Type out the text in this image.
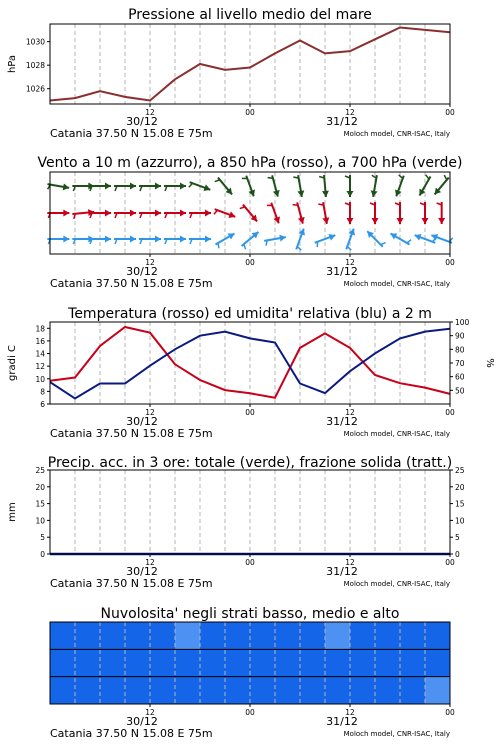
Pressione al livello medio del mare
12	00	12	00
30/12	31/12
Catania 37.50 N 15.08 E 75m	Moloch model, CNR-ISAC, Italy
1026
1028
1030
hPa
Vento a 10 m (azzurro), a 850 hPa (rosso), a 700 hPa (verde)
12	00	12	00
30/12	31/12
Catania 37.50 N 15.08 E 75m	Moloch model, CNR-ISAC, Italy
Temperatura (rosso) ed umidita' relativa (blu) a 2 m
12	00	12	00
30/12	31/12
Catania 37.50 N 15.08 E 75m	Moloch model, CNR-ISAC, Italy
6
8
10
12
14
16
18
50
60
70
80
90
100
gradi C	%
Precip. acc. in 3 ore: totale (verde), frazione solida (tratt.)
12	00	12	00
30/12	31/12
Catania 37.50 N 15.08 E 75m	Moloch model, CNR-ISAC, Italy
0	0
5	5
10	10
15	15
20	20
25	25
mm
Nuvolosita' negli strati basso, medio e alto
12	00	12	00
30/12	31/12
Catania 37.50 N 15.08 E 75m	Moloch model, CNR-ISAC, Italy
